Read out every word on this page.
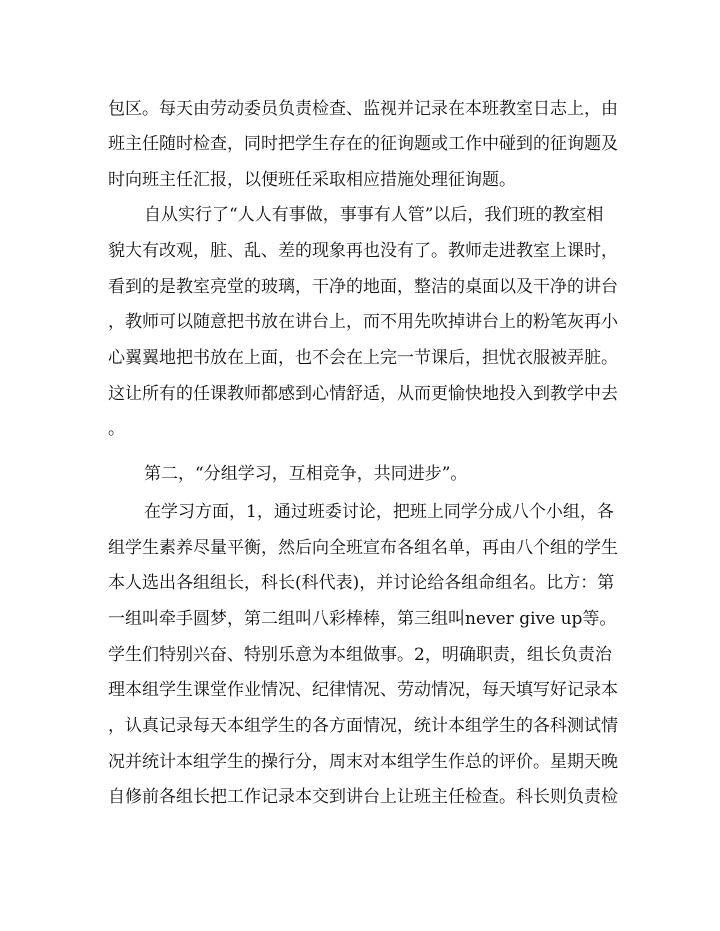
包区。每天由劳动委员负责检查、监视并记录在本班教室日志上，由
班主任随时检查，同时把学生存在的征询题或工作中碰到的征询题及
时向班主任汇报，以便班任采取相应措施处理征询题。
自从实行了“人人有事做，事事有人管”以后，我们班的教室相
貌大有改观，脏、乱、差的现象再也没有了。教师走进教室上课时，
看到的是教室亮堂的玻璃，干净的地面，整洁的桌面以及干净的讲台
，教师可以随意把书放在讲台上，而不用先吹掉讲台上的粉笔灰再小
心翼翼地把书放在上面，也不会在上完一节课后，担忧衣服被弄脏。
这让所有的任课教师都感到心情舒适，从而更愉快地投入到教学中去
。
第二，“分组学习，互相竞争，共同进步”。
在学习方面，1，通过班委讨论，把班上同学分成八个小组，各
组学生素养尽量平衡，然后向全班宣布各组名单，再由八个组的学生
本人选出各组组长，科长(科代表)，并讨论给各组命组名。比方：第
一组叫牵手圆梦，第二组叫八彩棒棒，第三组叫never give up等。
学生们特别兴奋、特别乐意为本组做事。2，明确职责，组长负责治
理本组学生课堂作业情况、纪律情况、劳动情况，每天填写好记录本
，认真记录每天本组学生的各方面情况，统计本组学生的各科测试情
况并统计本组学生的操行分，周末对本组学生作总的评价。星期天晚
自修前各组长把工作记录本交到讲台上让班主任检查。科长则负责检
